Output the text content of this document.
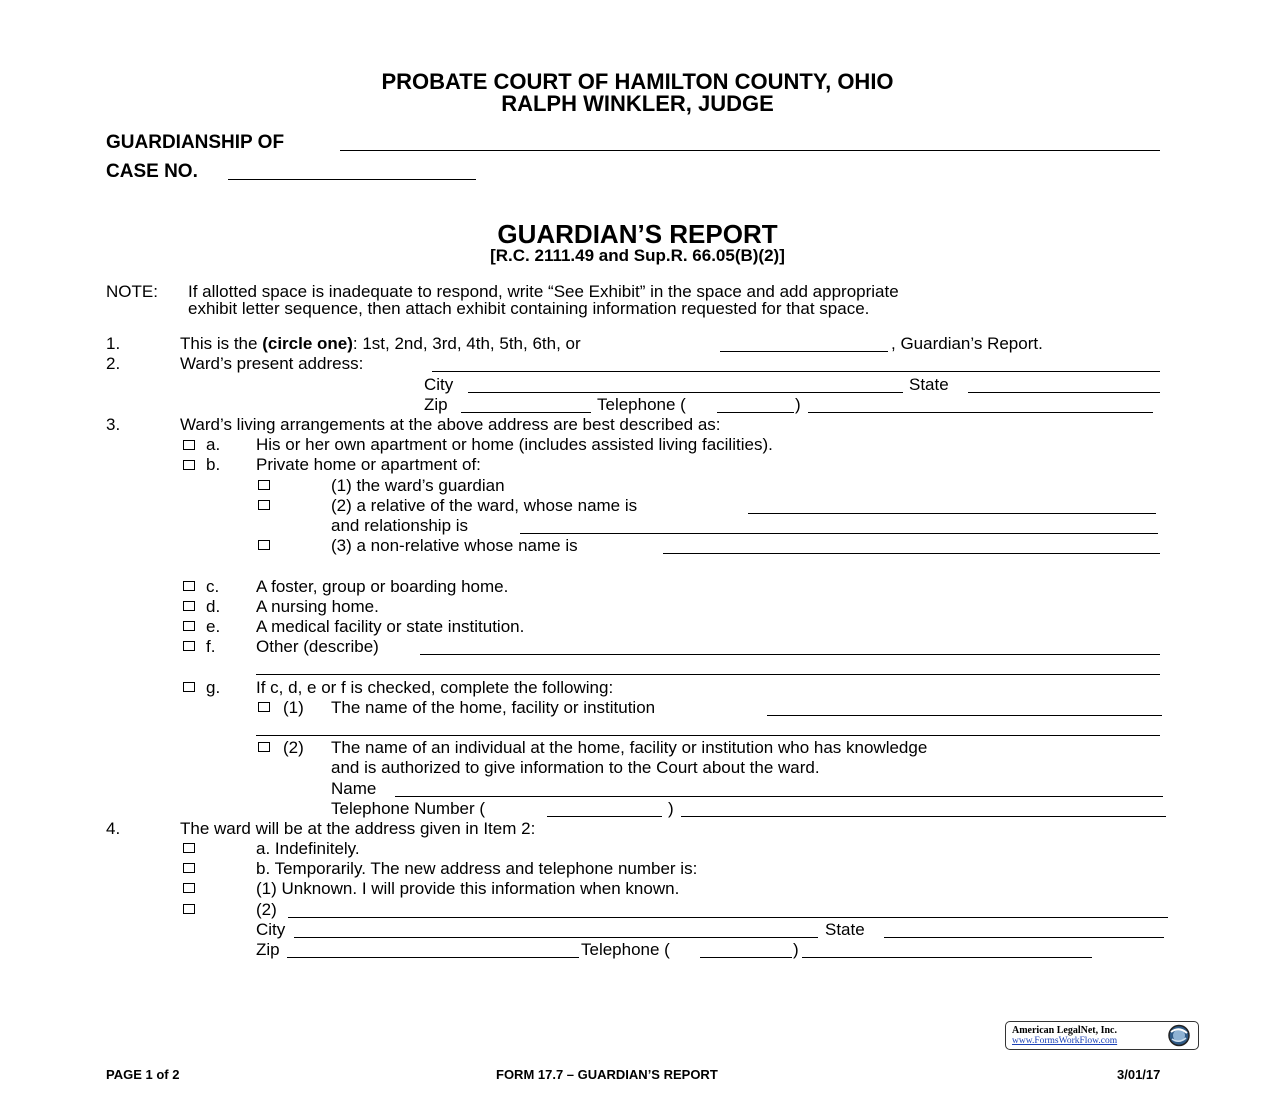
PROBATE COURT OF HAMILTON COUNTY, OHIO
RALPH WINKLER, JUDGE
GUARDIANSHIP OF
CASE NO.
GUARDIAN’S REPORT
[R.C. 2111.49 and Sup.R. 66.05(B)(2)]
NOTE: If allotted space is inadequate to respond, write “See Exhibit” in the space and add appropriate
exhibit letter sequence, then attach exhibit containing information requested for that space.
1.	This is the (circle one): 1st, 2nd, 3rd, 4th, 5th, 6th, or	, Guardian’s Report.
2.	Ward’s present address:
City	State
Zip	Telephone (	)
3.	Ward’s living arrangements at the above address are best described as:
a. His or her own apartment or home (includes assisted living facilities).
b. Private home or apartment of:
(1) the ward’s guardian
(2) a relative of the ward, whose name is
and relationship is
(3) a non-relative whose name is
c. A foster, group or boarding home.
d. A nursing home.
e. A medical facility or state institution.
f. Other (describe)
g. If c, d, e or f is checked, complete the following:
(1) The name of the home, facility or institution
(2) The name of an individual at the home, facility or institution who has knowledge
and is authorized to give information to the Court about the ward.
Name
Telephone Number (	)
4.	The ward will be at the address given in Item 2:
a. Indefinitely.
b. Temporarily. The new address and telephone number is:
(1) Unknown. I will provide this information when known.
(2)
City	State
Zip	Telephone (	)
American LegalNet, Inc.
www.FormsWorkFlow.com
PAGE 1 of 2	FORM 17.7 – GUARDIAN’S REPORT	3/01/17
